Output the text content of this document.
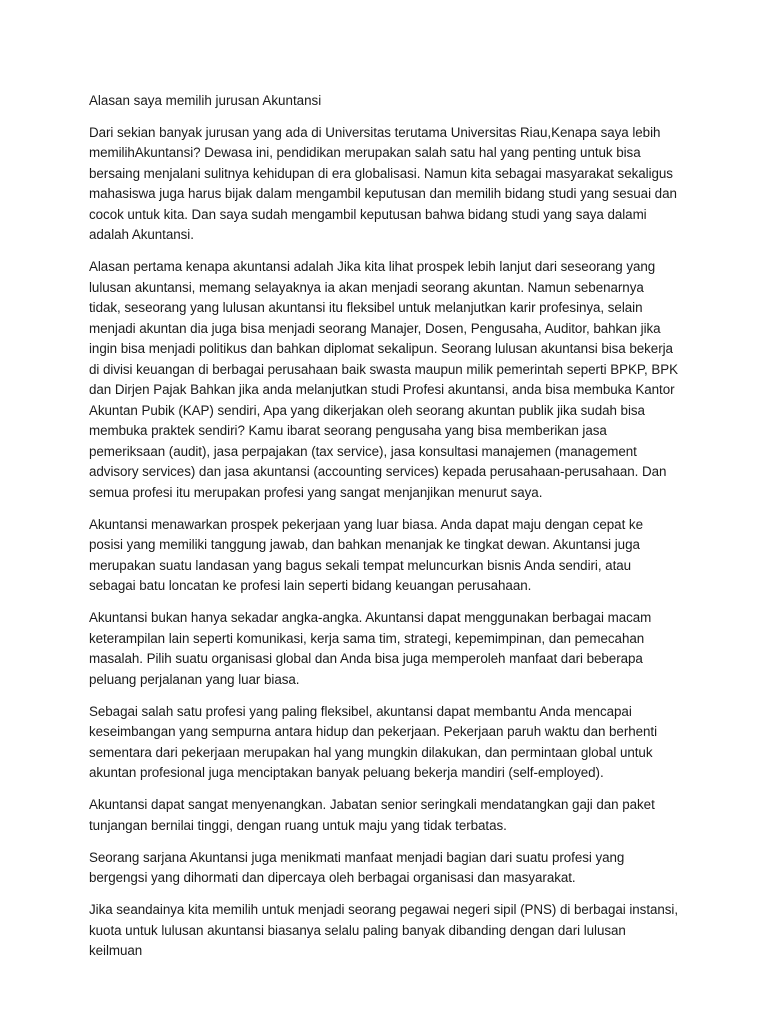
Alasan saya memilih jurusan Akuntansi

Dari sekian banyak jurusan yang ada di Universitas terutama Universitas Riau,Kenapa saya lebih memilihAkuntansi? Dewasa ini, pendidikan merupakan salah satu hal yang penting untuk bisa bersaing menjalani sulitnya kehidupan di era globalisasi. Namun kita sebagai masyarakat sekaligus mahasiswa juga harus bijak dalam mengambil keputusan dan memilih bidang studi yang sesuai dan cocok untuk kita. Dan saya sudah mengambil keputusan bahwa bidang studi yang saya dalami adalah Akuntansi.

Alasan pertama kenapa akuntansi adalah Jika kita lihat prospek lebih lanjut dari seseorang yang lulusan akuntansi, memang selayaknya ia akan menjadi seorang akuntan. Namun sebenarnya tidak, seseorang yang lulusan akuntansi itu fleksibel untuk melanjutkan karir profesinya, selain menjadi akuntan dia juga bisa menjadi seorang Manajer, Dosen, Pengusaha, Auditor, bahkan jika ingin bisa menjadi politikus dan bahkan diplomat sekalipun. Seorang lulusan akuntansi bisa bekerja di divisi keuangan di berbagai perusahaan baik swasta maupun milik pemerintah seperti BPKP, BPK dan Dirjen Pajak Bahkan jika anda melanjutkan studi Profesi akuntansi, anda bisa membuka Kantor Akuntan Pubik (KAP) sendiri, Apa yang dikerjakan oleh seorang akuntan publik jika sudah bisa membuka praktek sendiri? Kamu ibarat seorang pengusaha yang bisa memberikan jasa pemeriksaan (audit), jasa perpajakan (tax service), jasa konsultasi manajemen (management advisory services) dan jasa akuntansi (accounting services) kepada perusahaan-perusahaan. Dan semua profesi itu merupakan profesi yang sangat menjanjikan menurut saya.

Akuntansi menawarkan prospek pekerjaan yang luar biasa. Anda dapat maju dengan cepat ke posisi yang memiliki tanggung jawab, dan bahkan menanjak ke tingkat dewan. Akuntansi juga merupakan suatu landasan yang bagus sekali tempat meluncurkan bisnis Anda sendiri, atau sebagai batu loncatan ke profesi lain seperti bidang keuangan perusahaan.

Akuntansi bukan hanya sekadar angka-angka. Akuntansi dapat menggunakan berbagai macam keterampilan lain seperti komunikasi, kerja sama tim, strategi, kepemimpinan, dan pemecahan masalah. Pilih suatu organisasi global dan Anda bisa juga memperoleh manfaat dari beberapa peluang perjalanan yang luar biasa.

Sebagai salah satu profesi yang paling fleksibel, akuntansi dapat membantu Anda mencapai keseimbangan yang sempurna antara hidup dan pekerjaan. Pekerjaan paruh waktu dan berhenti sementara dari pekerjaan merupakan hal yang mungkin dilakukan, dan permintaan global untuk akuntan profesional juga menciptakan banyak peluang bekerja mandiri (self-employed).

Akuntansi dapat sangat menyenangkan. Jabatan senior seringkali mendatangkan gaji dan paket tunjangan bernilai tinggi, dengan ruang untuk maju yang tidak terbatas.

Seorang sarjana Akuntansi juga menikmati manfaat menjadi bagian dari suatu profesi yang bergengsi yang dihormati dan dipercaya oleh berbagai organisasi dan masyarakat.

Jika seandainya kita memilih untuk menjadi seorang pegawai negeri sipil (PNS) di berbagai instansi, kuota untuk lulusan akuntansi biasanya selalu paling banyak dibanding dengan dari lulusan keilmuan
